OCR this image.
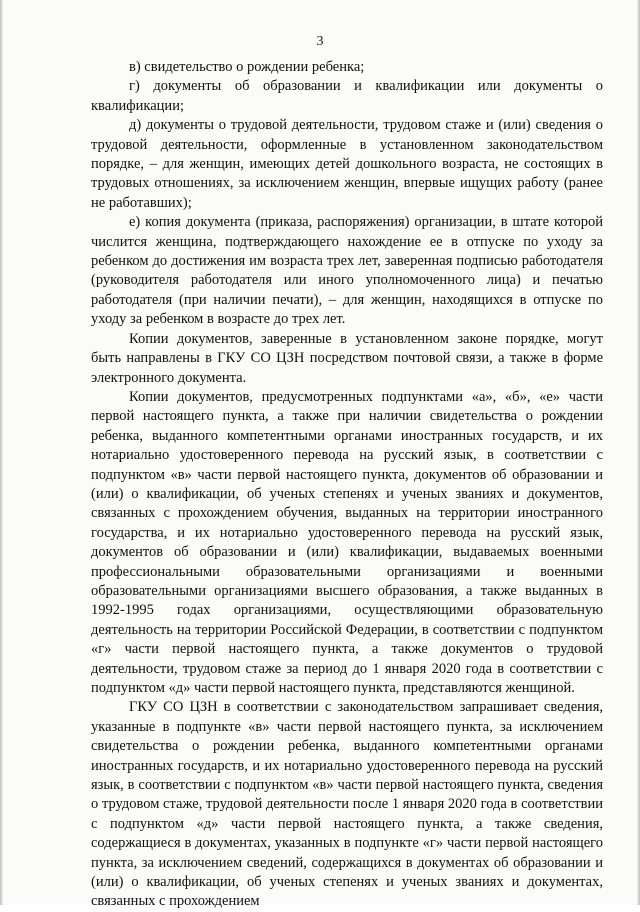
3

в) свидетельство о рождении ребенка;

г) документы об образовании и квалификации или документы о квалификации;

д) документы о трудовой деятельности, трудовом стаже и (или) сведения о трудовой деятельности, оформленные в установленном законодательством порядке, – для женщин, имеющих детей дошкольного возраста, не состоящих в трудовых отношениях, за исключением женщин, впервые ищущих работу (ранее не работавших);

е) копия документа (приказа, распоряжения) организации, в штате которой числится женщина, подтверждающего нахождение ее в отпуске по уходу за ребенком до достижения им возраста трех лет, заверенная подписью работодателя (руководителя работодателя или иного уполномоченного лица) и печатью работодателя (при наличии печати), – для женщин, находящихся в отпуске по уходу за ребенком в возрасте до трех лет.

Копии документов, заверенные в установленном законе порядке, могут быть направлены в ГКУ СО ЦЗН посредством почтовой связи, а также в форме электронного документа.

Копии документов, предусмотренных подпунктами «а», «б», «е» части первой настоящего пункта, а также при наличии свидетельства о рождении ребенка, выданного компетентными органами иностранных государств, и их нотариально удостоверенного перевода на русский язык, в соответствии с подпунктом «в» части первой настоящего пункта, документов об образовании и (или) о квалификации, об ученых степенях и ученых званиях и документов, связанных с прохождением обучения, выданных на территории иностранного государства, и их нотариально удостоверенного перевода на русский язык, документов об образовании и (или) квалификации, выдаваемых военными профессиональными образовательными организациями и военными образовательными организациями высшего образования, а также выданных в 1992-1995 годах организациями, осуществляющими образовательную деятельность на территории Российской Федерации, в соответствии с подпунктом «г» части первой настоящего пункта, а также документов о трудовой деятельности, трудовом стаже за период до 1 января 2020 года в соответствии с подпунктом «д» части первой настоящего пункта, представляются женщиной.

ГКУ СО ЦЗН в соответствии с законодательством запрашивает сведения, указанные в подпункте «в» части первой настоящего пункта, за исключением свидетельства о рождении ребенка, выданного компетентными органами иностранных государств, и их нотариально удостоверенного перевода на русский язык, в соответствии с подпунктом «в» части первой настоящего пункта, сведения о трудовом стаже, трудовой деятельности после 1 января 2020 года в соответствии с подпунктом «д» части первой настоящего пункта, а также сведения, содержащиеся в документах, указанных в подпункте «г» части первой настоящего пункта, за исключением сведений, содержащихся в документах об образовании и (или) о квалификации, об ученых степенях и ученых званиях и документах, связанных с прохождением
